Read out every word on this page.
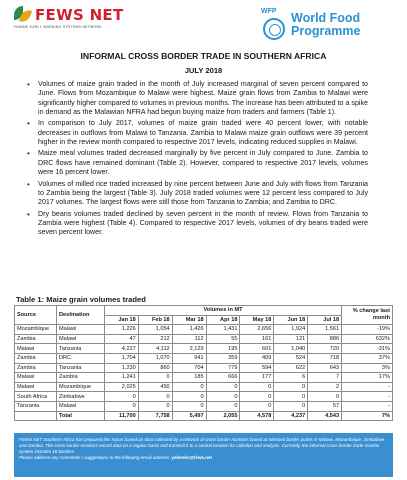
FEWS NET
FAMINE EARLY WARNING SYSTEMS NETWORK
WFP World Food
Programme
INFORMAL CROSS BORDER TRADE IN SOUTHERN AFRICA
JULY 2018
• Volumes of maize grain traded in the month of July increased marginal of seven percent compared to June. Flows from Mozambique to Malawi were highest. Maize grain flows from Zambia to Malawi were significantly higher compared to volumes in previous months. The increase has been attributed to a spike in demand as the Malawian NFRA had begun buying maize from traders and farmers (Table 1).
• In comparison to July 2017, volumes of maize grain traded were 40 percent lower, with notable decreases in outflows from Malawi to Tanzania. Zambia to Malawi maize grain outflows were 39 percent higher in the review month compared to respective 2017 levels, indicating reduced supplies in Malawi.
• Maize meal volumes traded decreased marginally by five percent in July compared to June. Zambia to DRC flows have remained dominant (Table 2). However, compared to respective 2017 levels, volumes were 16 percent lower.
• Volumes of milled rice traded increased by nine percent between June and July with flows from Tanzania to Zambia being the largest (Table 3). July 2018 traded volumes were 12 percent less compared to July 2017 volumes. The largest flows were still those from Tanzania to Zambia; and Zambia to DRC.
• Dry beans volumes traded declined by seven percent in the month of review. Flows from Tanzania to Zambia were highest (Table 4). Compared to respective 2017 levels, volumes of dry beans traded were seven percent lower.
Table 1: Maize grain volumes traded
Source	Destination	Volumes in MT							% change last month
		Jan 18	Feb 18	Mar 18	Apr 18	May 18	Jun 18	Jul 18	
Mozambique	Malawi	1,226	1,054	1,426	1,431	2,656	1,924	1,561	-19%
Zambia	Malawi	47	212	112	55	161	121	886	632%
Malawi	Tanzania	4,227	4,112	2,129	195	601	1,040	720	-31%
Zambia	DRC	1,704	1,070	941	359	409	524	718	37%
Zambia	Tanzania	1,230	860	704	779	594	622	643	3%
Malawi	Zambia	1,241	0	185	666	177	6	7	17%
Malawi	Mozambique	2,025	450	0	0	0	0	2	-
South Africa	Zimbabwe	0	0	0	0	0	0	0	-
Tanzania	Malawi	0	0	0	0	0	0	57	-
	Total	11,700	7,758	5,497	2,055	4,578	4,237	4,543	7%

FEWS NET Southern Africa has prepared this report based on data collected by a network of cross border monitors based at selected border points in Malawi, Mozambique, Zimbabwe and Zambia. The cross border monitors record data on a regular basis and transmit it to a central location for collation and analysis. Currently, the informal cross border trade monitor system includes 18 borders.

Please address any comments / suggestions to the following email address: yehenko@fews.net
